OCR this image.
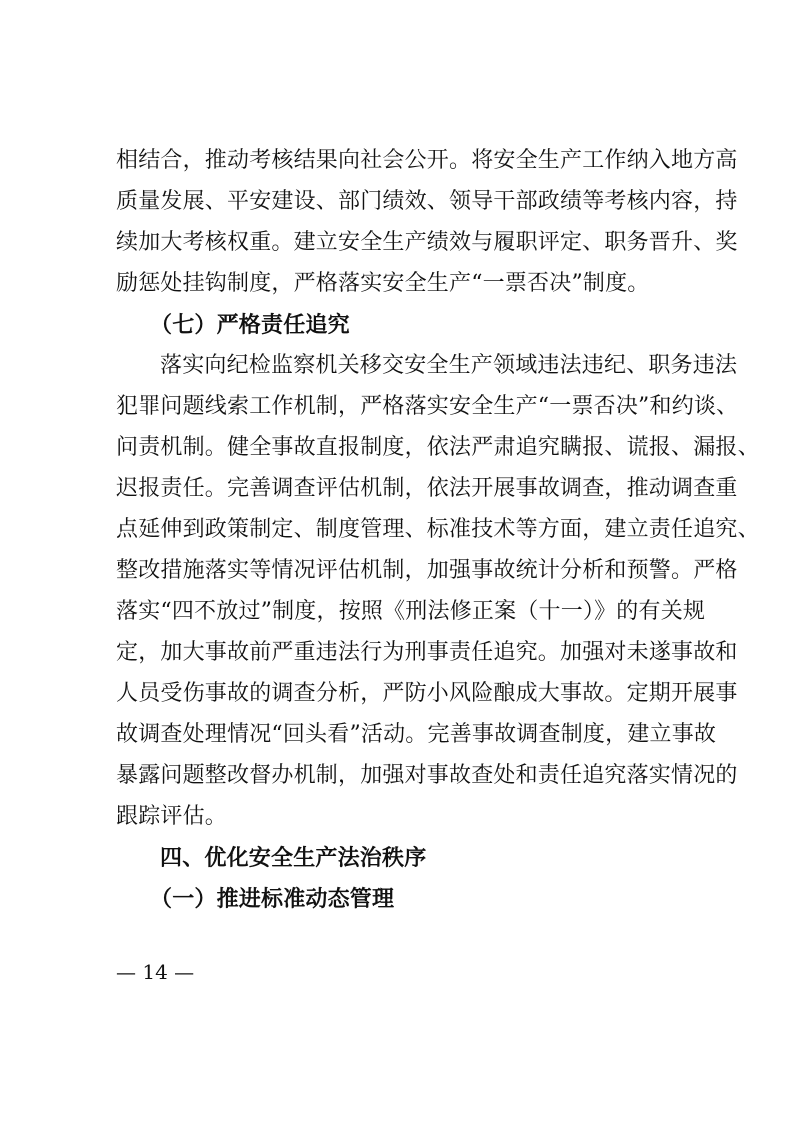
相结合，推动考核结果向社会公开。将安全生产工作纳入地方高
质量发展、平安建设、部门绩效、领导干部政绩等考核内容，持
续加大考核权重。建立安全生产绩效与履职评定、职务晋升、奖
励惩处挂钩制度，严格落实安全生产“一票否决”制度。
（七）严格责任追究
落实向纪检监察机关移交安全生产领域违法违纪、职务违法
犯罪问题线索工作机制，严格落实安全生产“一票否决”和约谈、
问责机制。健全事故直报制度，依法严肃追究瞒报、谎报、漏报、
迟报责任。完善调查评估机制，依法开展事故调查，推动调查重
点延伸到政策制定、制度管理、标准技术等方面，建立责任追究、
整改措施落实等情况评估机制，加强事故统计分析和预警。严格
落实“四不放过”制度，按照《刑法修正案（十一）》的有关规
定，加大事故前严重违法行为刑事责任追究。加强对未遂事故和
人员受伤事故的调查分析，严防小风险酿成大事故。定期开展事
故调查处理情况“回头看”活动。完善事故调查制度，建立事故
暴露问题整改督办机制，加强对事故查处和责任追究落实情况的
跟踪评估。
四、优化安全生产法治秩序
（一）推进标准动态管理
— 14 —
